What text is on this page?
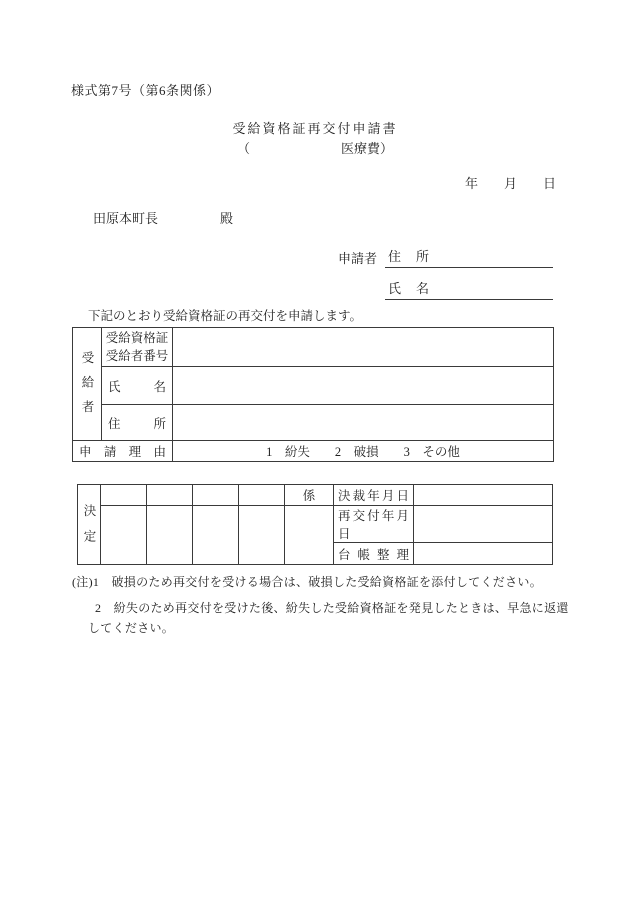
様式第7号（第6条関係）
受給資格証再交付申請書
（　　　　　　　医療費）
年　　月　　日
田原本町長	殿
申請者 住　所
氏　名
下記のとおり受給資格証の再交付を申請します。
受給者	受給資格証
受給者番号	

	氏名	
	住所	
申請理由		1　紛失　　2　破損　　3　その他
決定					係	決裁年月日	
						再交付年月日	
						台帳整理	
(注)1　破損のため再交付を受ける場合は、破損した受給資格証を添付してください。
2　紛失のため再交付を受けた後、紛失した受給資格証を発見したときは、早急に返還
してください。
